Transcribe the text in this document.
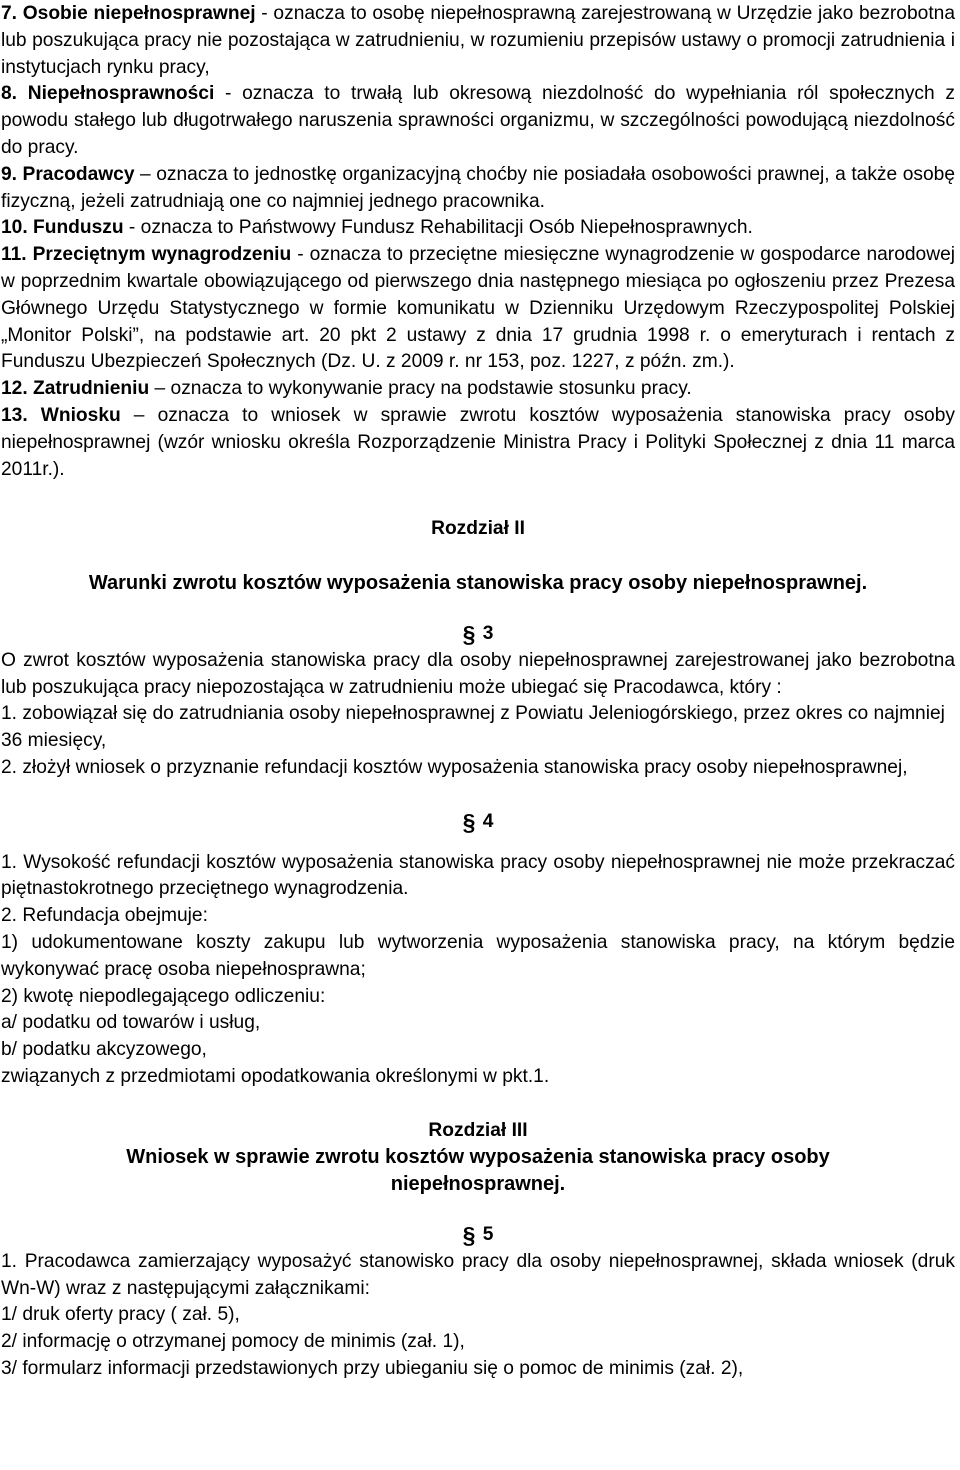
7. Osobie niepełnosprawnej - oznacza to osobę niepełnosprawną zarejestrowaną w Urzędzie jako bezrobotna lub poszukująca pracy nie pozostająca w zatrudnieniu, w rozumieniu przepisów ustawy o promocji zatrudnienia i instytucjach rynku pracy,

8. Niepełnosprawności - oznacza to trwałą lub okresową niezdolność do wypełniania ról społecznych z powodu stałego lub długotrwałego naruszenia sprawności organizmu, w szczególności powodującą niezdolność do pracy.

9. Pracodawcy – oznacza to jednostkę organizacyjną choćby nie posiadała osobowości prawnej, a także osobę fizyczną, jeżeli zatrudniają one co najmniej jednego pracownika.

10. Funduszu - oznacza to Państwowy Fundusz Rehabilitacji Osób Niepełnosprawnych.

11. Przeciętnym wynagrodzeniu - oznacza to przeciętne miesięczne wynagrodzenie w gospodarce narodowej w poprzednim kwartale obowiązującego od pierwszego dnia następnego miesiąca po ogłoszeniu przez Prezesa Głównego Urzędu Statystycznego w formie komunikatu w Dzienniku Urzędowym Rzeczypospolitej Polskiej „Monitor Polski”, na podstawie art. 20 pkt 2 ustawy z dnia 17 grudnia 1998 r. o emeryturach i rentach z Funduszu Ubezpieczeń Społecznych (Dz. U. z 2009 r. nr 153, poz. 1227, z późn. zm.).

12. Zatrudnieniu – oznacza to wykonywanie pracy na podstawie stosunku pracy.

13. Wniosku – oznacza to wniosek w sprawie zwrotu kosztów wyposażenia stanowiska pracy osoby niepełnosprawnej (wzór wniosku określa Rozporządzenie Ministra Pracy i Polityki Społecznej z dnia 11 marca 2011r.).

Rozdział II

Warunki zwrotu kosztów wyposażenia stanowiska pracy osoby niepełnosprawnej.

§ 3

O zwrot kosztów wyposażenia stanowiska pracy dla osoby niepełnosprawnej zarejestrowanej jako bezrobotna lub poszukująca pracy niepozostająca w zatrudnieniu może ubiegać się Pracodawca, który :

1. zobowiązał się do zatrudniania osoby niepełnosprawnej z Powiatu Jeleniogórskiego, przez okres co najmniej 36 miesięcy,

2. złożył wniosek o przyznanie refundacji kosztów wyposażenia stanowiska pracy osoby niepełnosprawnej,

§ 4

1. Wysokość refundacji kosztów wyposażenia stanowiska pracy osoby niepełnosprawnej nie może przekraczać piętnastokrotnego przeciętnego wynagrodzenia.

2. Refundacja obejmuje:

1) udokumentowane koszty zakupu lub wytworzenia wyposażenia stanowiska pracy, na którym będzie wykonywać pracę osoba niepełnosprawna;

2) kwotę niepodlegającego odliczeniu:

a/ podatku od towarów i usług,

b/ podatku akcyzowego,

związanych z przedmiotami opodatkowania określonymi w pkt.1.

Rozdział III

Wniosek w sprawie zwrotu kosztów wyposażenia stanowiska pracy osoby

niepełnosprawnej.

§ 5

1. Pracodawca zamierzający wyposażyć stanowisko pracy dla osoby niepełnosprawnej, składa wniosek (druk Wn-W) wraz z następującymi załącznikami:

1/ druk oferty pracy ( zał. 5),

2/ informację o otrzymanej pomocy de minimis (zał. 1),

3/ formularz informacji przedstawionych przy ubieganiu się o pomoc de minimis (zał. 2),
